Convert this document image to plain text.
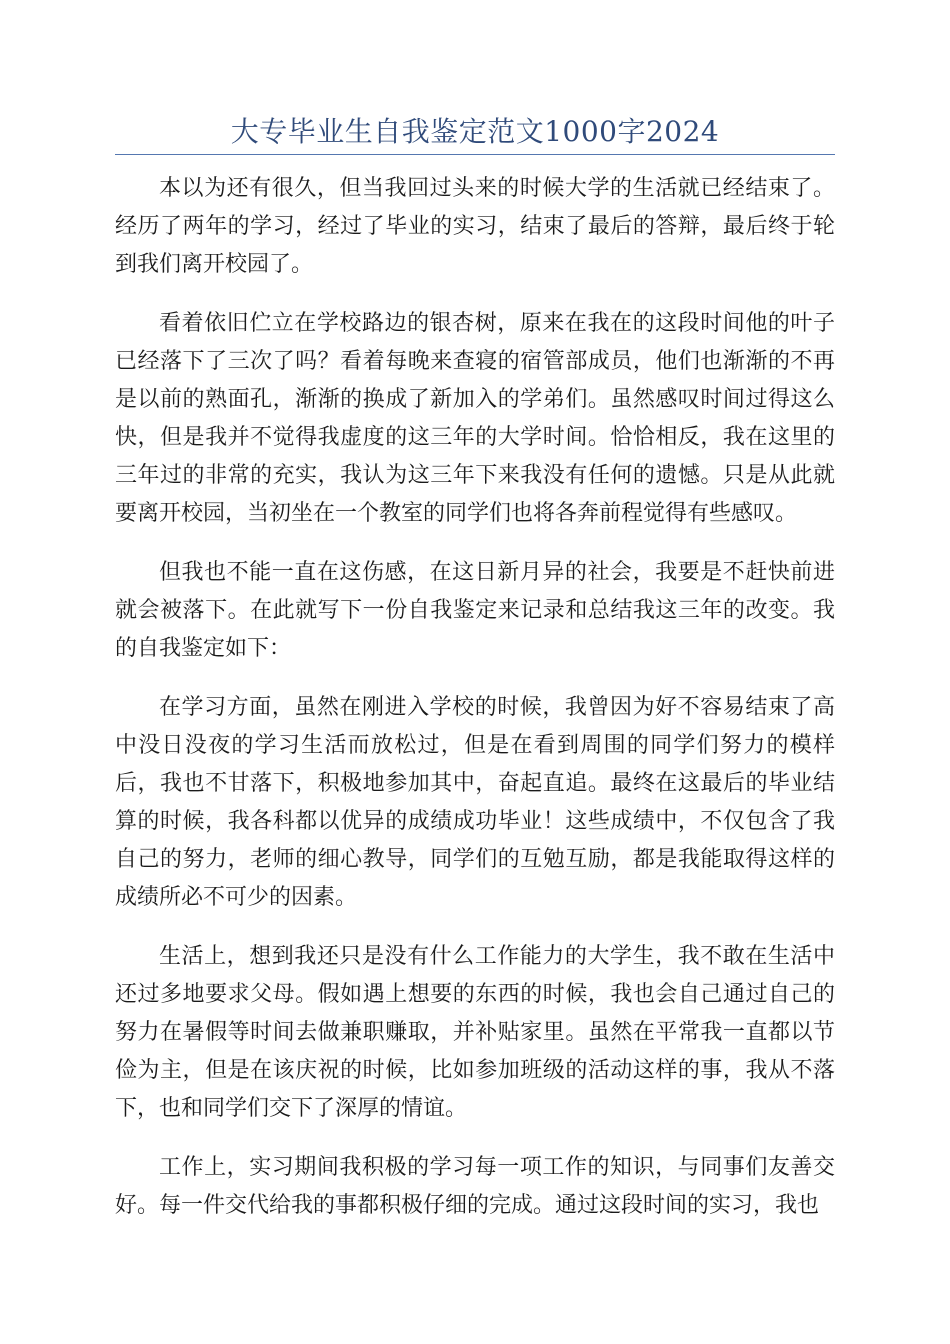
大专毕业生自我鉴定范文1000字2024

本以为还有很久，但当我回过头来的时候大学的生活就已经结束了。经历了两年的学习，经过了毕业的实习，结束了最后的答辩，最后终于轮到我们离开校园了。

看着依旧伫立在学校路边的银杏树，原来在我在的这段时间他的叶子已经落下了三次了吗？看着每晚来查寝的宿管部成员，他们也渐渐的不再是以前的熟面孔，渐渐的换成了新加入的学弟们。虽然感叹时间过得这么快，但是我并不觉得我虚度的这三年的大学时间。恰恰相反，我在这里的三年过的非常的充实，我认为这三年下来我没有任何的遗憾。只是从此就要离开校园，当初坐在一个教室的同学们也将各奔前程觉得有些感叹。

但我也不能一直在这伤感，在这日新月异的社会，我要是不赶快前进就会被落下。在此就写下一份自我鉴定来记录和总结我这三年的改变。我的自我鉴定如下：

在学习方面，虽然在刚进入学校的时候，我曾因为好不容易结束了高中没日没夜的学习生活而放松过，但是在看到周围的同学们努力的模样后，我也不甘落下，积极地参加其中，奋起直追。最终在这最后的毕业结算的时候，我各科都以优异的成绩成功毕业！这些成绩中，不仅包含了我自己的努力，老师的细心教导，同学们的互勉互励，都是我能取得这样的成绩所必不可少的因素。

生活上，想到我还只是没有什么工作能力的大学生，我不敢在生活中还过多地要求父母。假如遇上想要的东西的时候，我也会自己通过自己的努力在暑假等时间去做兼职赚取，并补贴家里。虽然在平常我一直都以节俭为主，但是在该庆祝的时候，比如参加班级的活动这样的事，我从不落下，也和同学们交下了深厚的情谊。

工作上，实习期间我积极的学习每一项工作的知识，与同事们友善交好。每一件交代给我的事都积极仔细的完成。通过这段时间的实习，我也
